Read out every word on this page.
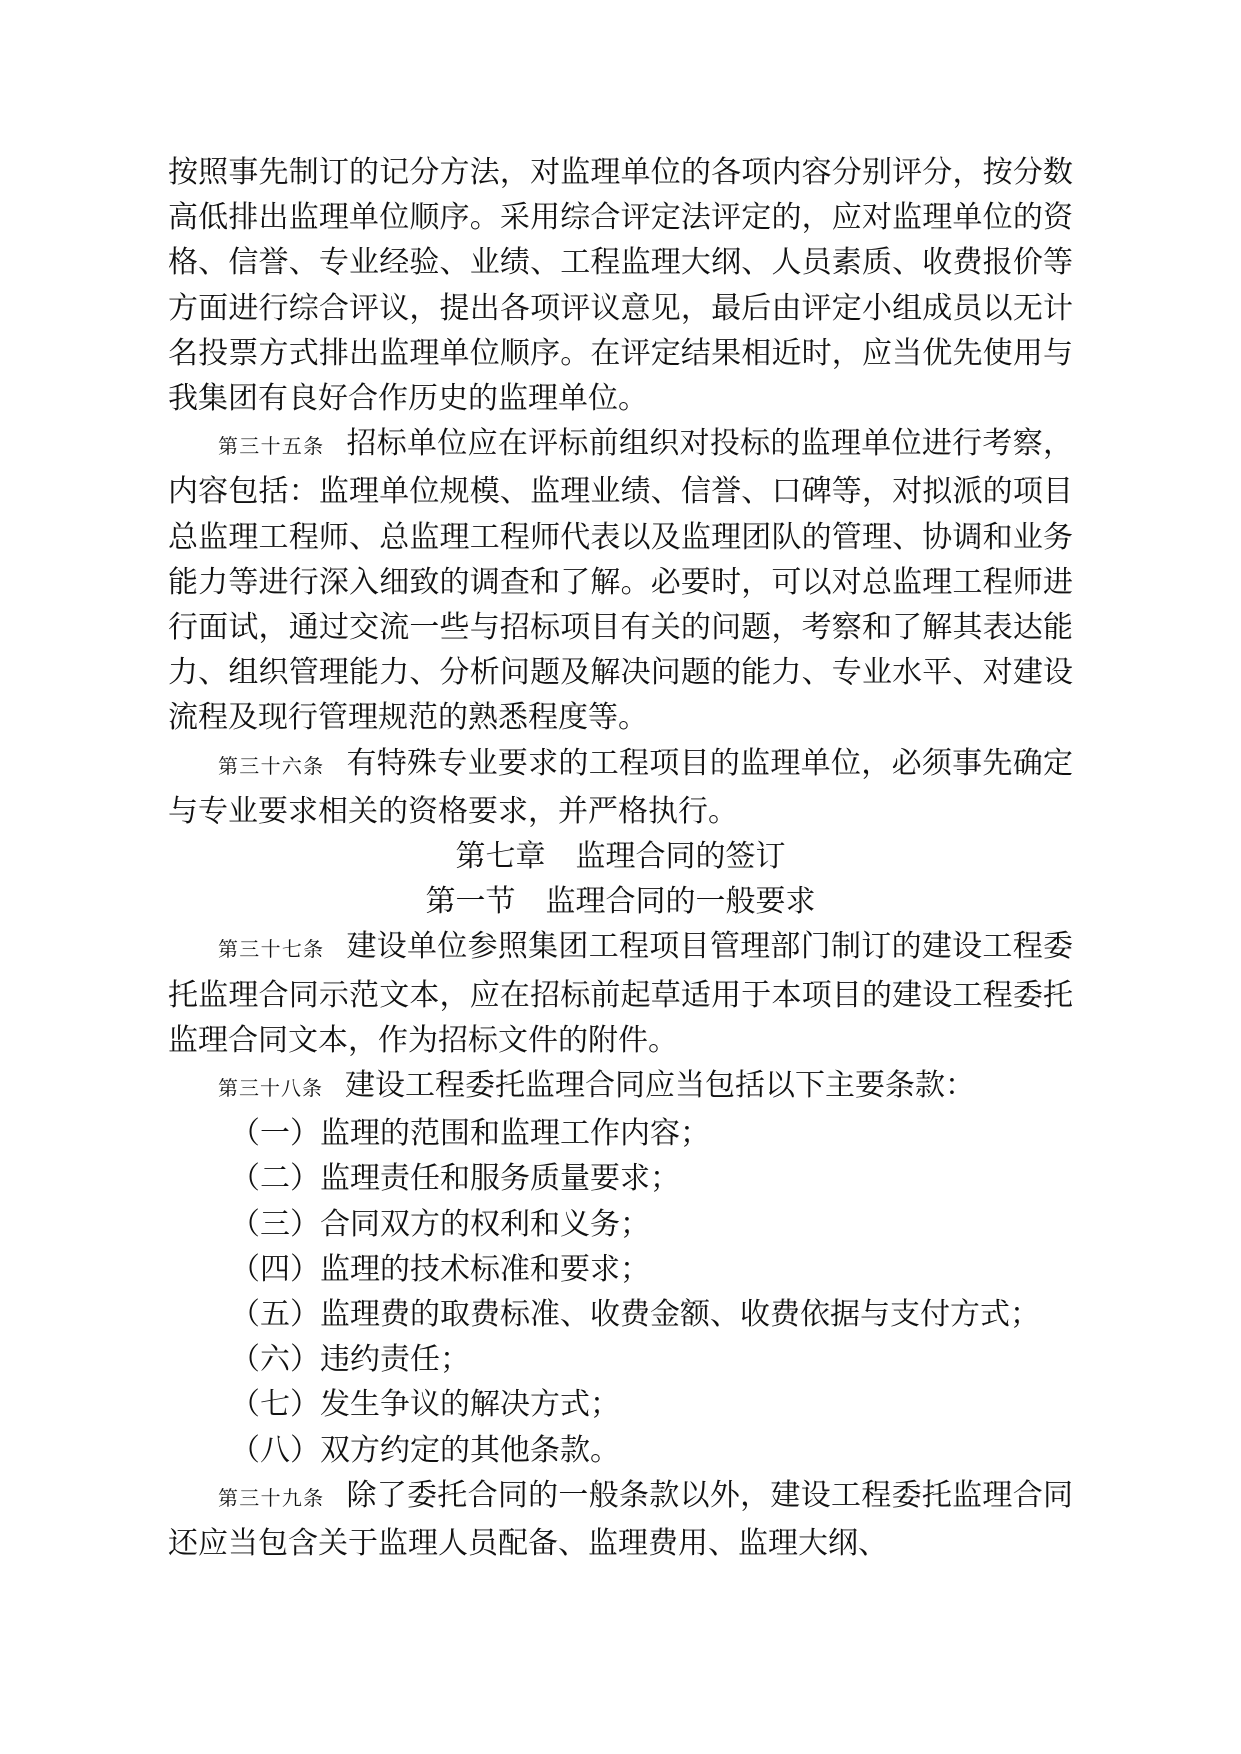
按照事先制订的记分方法，对监理单位的各项内容分别评分，按分数高低排出监理单位顺序。采用综合评定法评定的，应对监理单位的资格、信誉、专业经验、业绩、工程监理大纲、人员素质、收费报价等方面进行综合评议，提出各项评议意见，最后由评定小组成员以无计名投票方式排出监理单位顺序。在评定结果相近时，应当优先使用与我集团有良好合作历史的监理单位。

第三十五条 招标单位应在评标前组织对投标的监理单位进行考察，内容包括：监理单位规模、监理业绩、信誉、口碑等，对拟派的项目总监理工程师、总监理工程师代表以及监理团队的管理、协调和业务能力等进行深入细致的调查和了解。必要时，可以对总监理工程师进行面试，通过交流一些与招标项目有关的问题，考察和了解其表达能力、组织管理能力、分析问题及解决问题的能力、专业水平、对建设流程及现行管理规范的熟悉程度等。

第三十六条 有特殊专业要求的工程项目的监理单位，必须事先确定与专业要求相关的资格要求，并严格执行。

第七章　监理合同的签订

第一节　监理合同的一般要求

第三十七条 建设单位参照集团工程项目管理部门制订的建设工程委托监理合同示范文本，应在招标前起草适用于本项目的建设工程委托监理合同文本，作为招标文件的附件。

第三十八条 建设工程委托监理合同应当包括以下主要条款：

（一）监理的范围和监理工作内容；

（二）监理责任和服务质量要求；

（三）合同双方的权利和义务；

（四）监理的技术标准和要求；

（五）监理费的取费标准、收费金额、收费依据与支付方式；

（六）违约责任；

（七）发生争议的解决方式；

（八）双方约定的其他条款。

第三十九条 除了委托合同的一般条款以外，建设工程委托监理合同还应当包含关于监理人员配备、监理费用、监理大纲、
